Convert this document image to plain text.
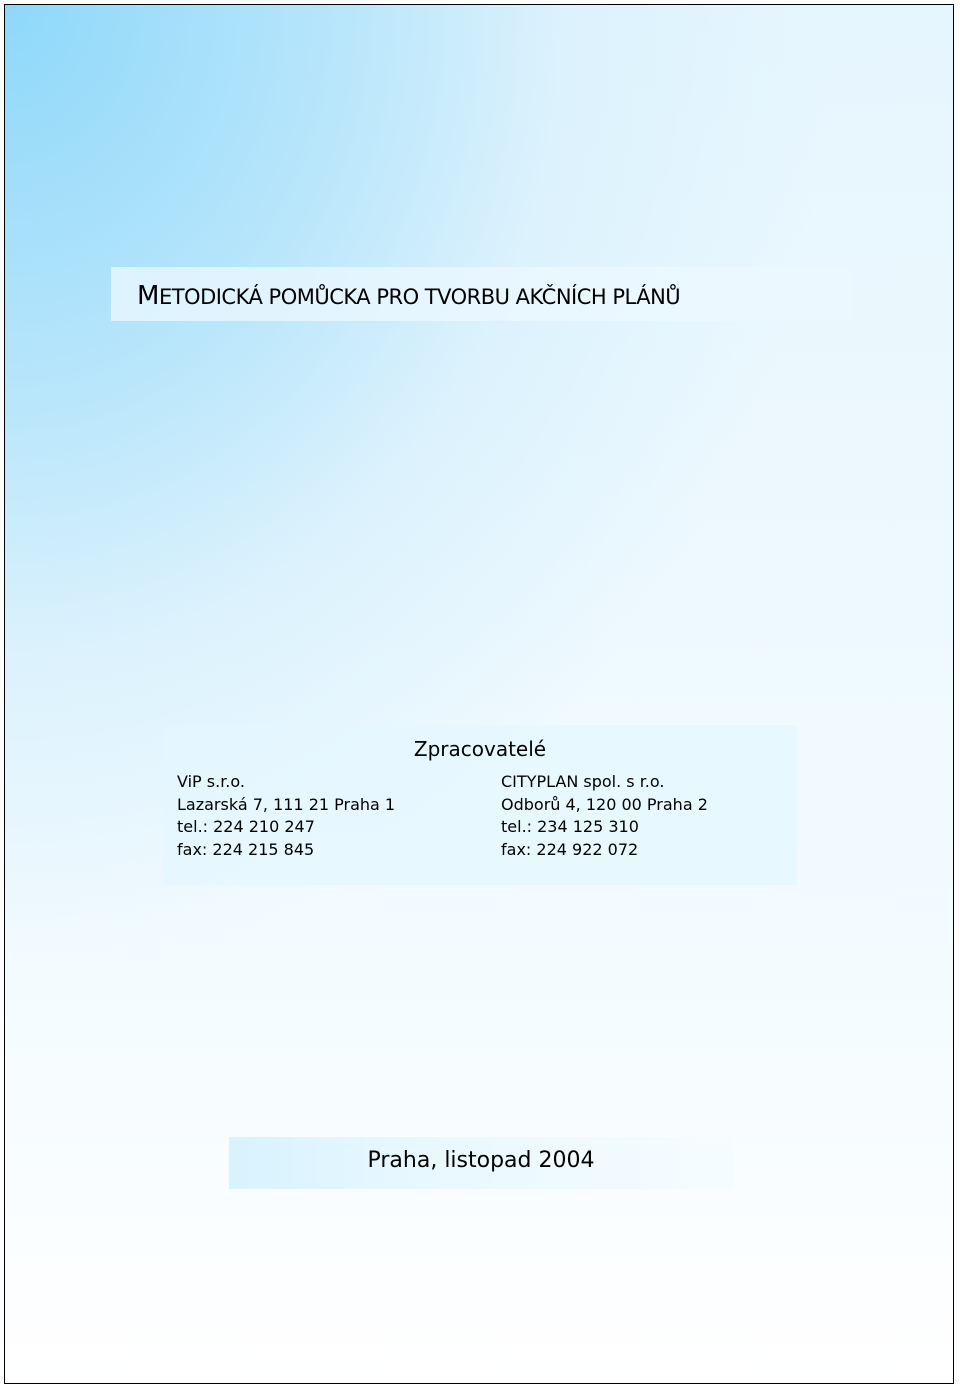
METODICKÁ POMŮCKA PRO TVORBU AKČNÍCH PLÁNŮ
Zpracovatelé
ViP s.r.o.
Lazarská 7, 111 21 Praha 1
tel.: 224 210 247
fax: 224 215 845
CITYPLAN spol. s r.o.
Odborů 4, 120 00 Praha 2
tel.: 234 125 310
fax: 224 922 072
Praha, listopad 2004
